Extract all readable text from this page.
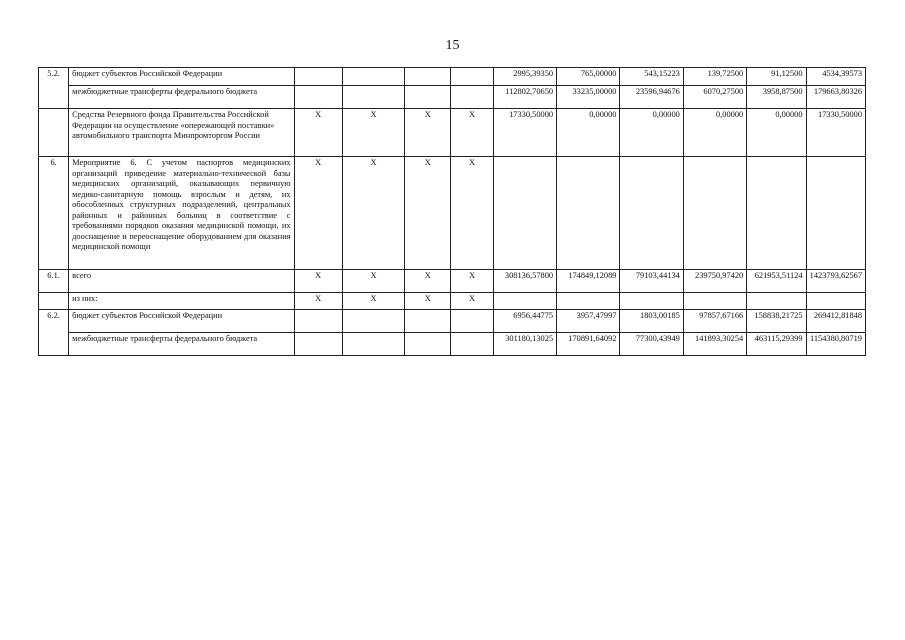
15
5.2.	бюджет субъектов Российской Федерации					2995,39350	765,00000	543,15223	139,72500	91,12500	4534,39573
	межбюджетные трансферты федерального бюджета					112802,70650	33235,00000	23596,94676	6070,27500	3958,87500	179663,80326
	Средства Резервного фонда Правительства Российской Федерации на осуществление «опережающей поставки» автомобильного транспорта Минпромторгом России	X	X	X	X	17330,50000	0,00000	0,00000	0,00000	0,00000	17330,50000
6.	Мероприятие 6. С учетом паспортов медицинских организаций приведение материально-технической базы медицинских организаций, оказывающих первичную медико-санитарную помощь взрослым и детям, их обособленных структурных подразделений, центральных районных и районных больниц в соответствие с требованиями порядков оказания медицинской помощи, их дооснащение и переоснащение оборудованием для оказания медицинской помощи	X	X	X	X						
6.1.	всего	X	X	X	X	308136,57800	174849,12089	79103,44134	239750,97420	621953,51124	1423793,62567
	из них:	X	X	X	X						
6.2.	бюджет субъектов Российской Федерации					6956,44775	3957,47997	1803,00185	97857,67166	158838,21725	269412,81848
	межбюджетные трансферты федерального бюджета					301180,13025	170891,64092	77300,43949	141893,30254	463115,29399	1154380,80719
